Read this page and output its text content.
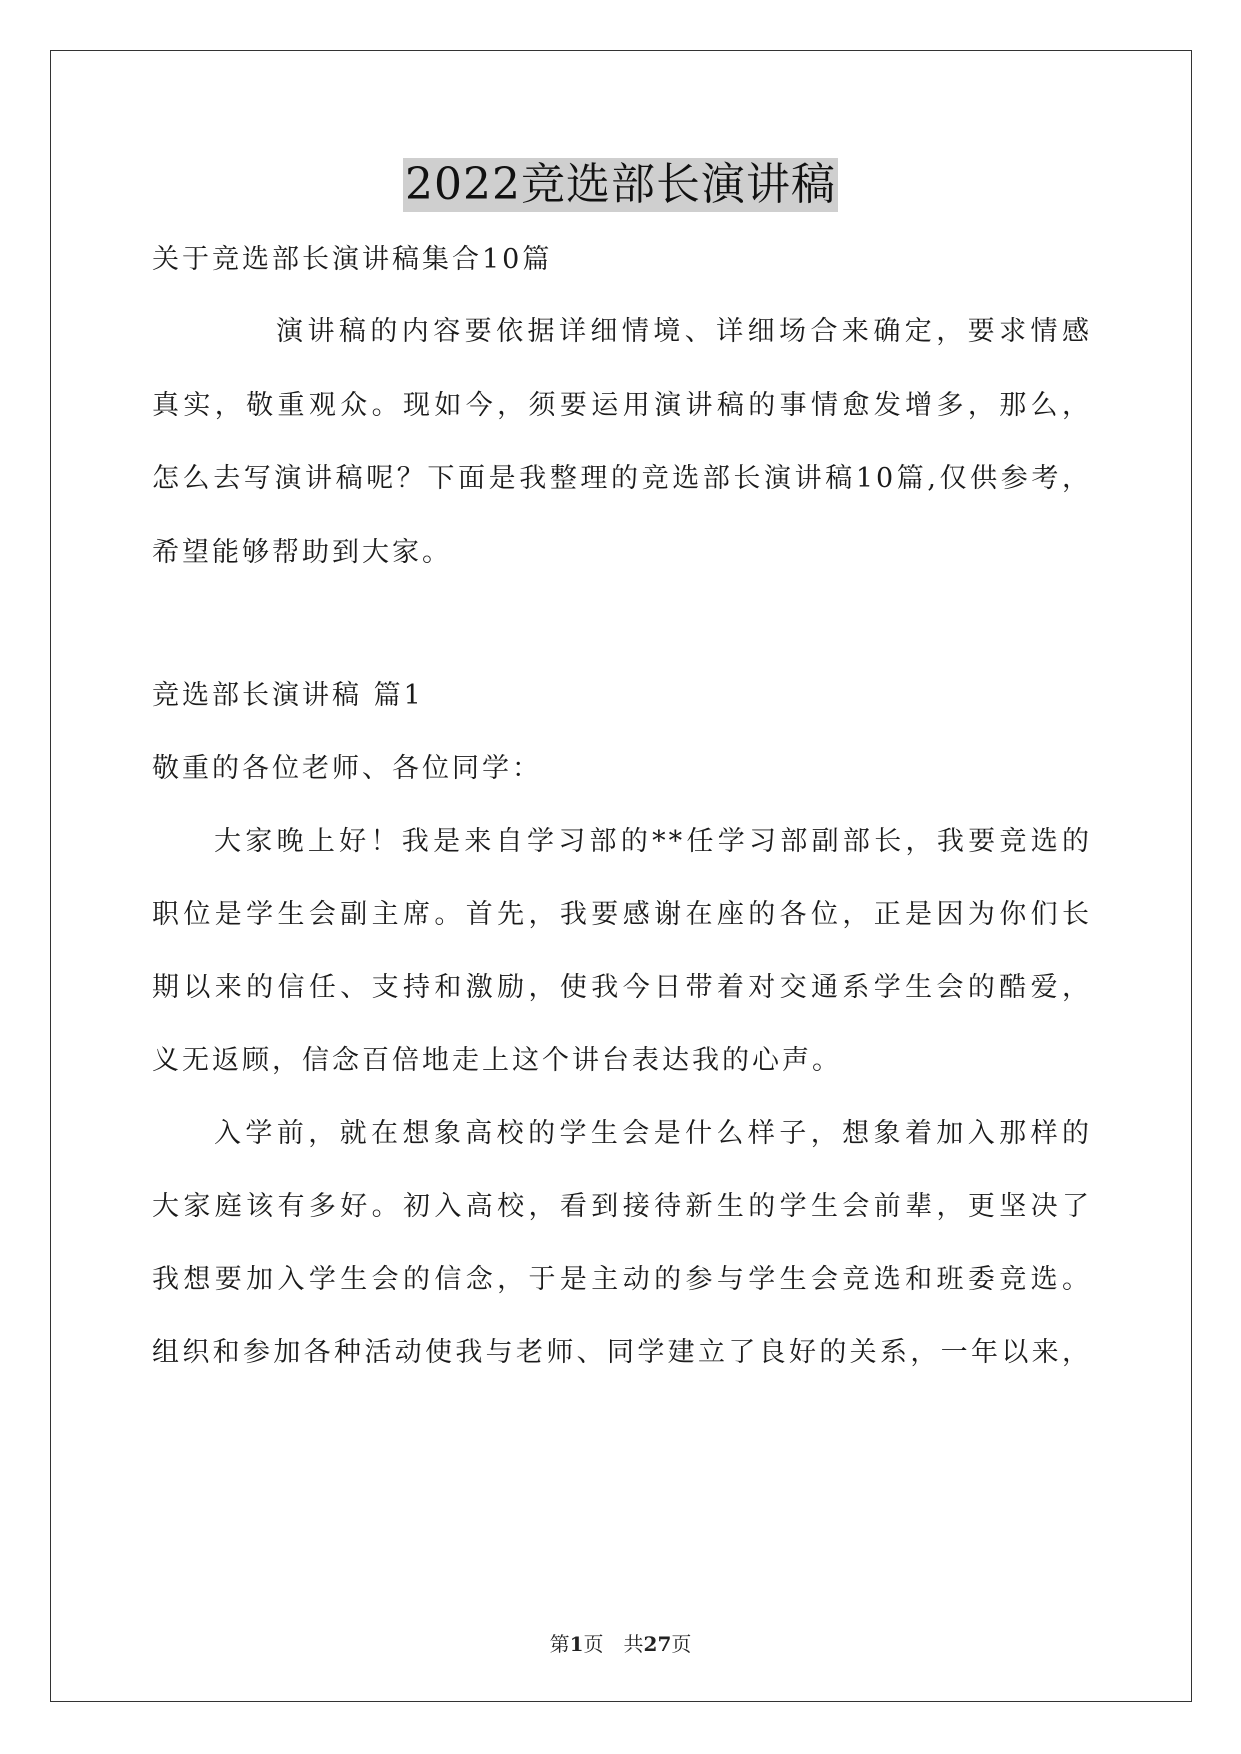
2022竞选部长演讲稿
关于竞选部长演讲稿集合10篇
演讲稿的内容要依据详细情境、详细场合来确定，要求情感
真实，敬重观众。现如今，须要运用演讲稿的事情愈发增多，那么，
怎么去写演讲稿呢？下面是我整理的竞选部长演讲稿10篇,仅供参考，
希望能够帮助到大家。
竞选部长演讲稿 篇1
敬重的各位老师、各位同学：
大家晚上好！我是来自学习部的**任学习部副部长，我要竞选的
职位是学生会副主席。首先，我要感谢在座的各位，正是因为你们长
期以来的信任、支持和激励，使我今日带着对交通系学生会的酷爱，
义无返顾，信念百倍地走上这个讲台表达我的心声。
入学前，就在想象高校的学生会是什么样子，想象着加入那样的
大家庭该有多好。初入高校，看到接待新生的学生会前辈，更坚决了
我想要加入学生会的信念，于是主动的参与学生会竞选和班委竞选。
组织和参加各种活动使我与老师、同学建立了良好的关系，一年以来，
第1页　共27页
